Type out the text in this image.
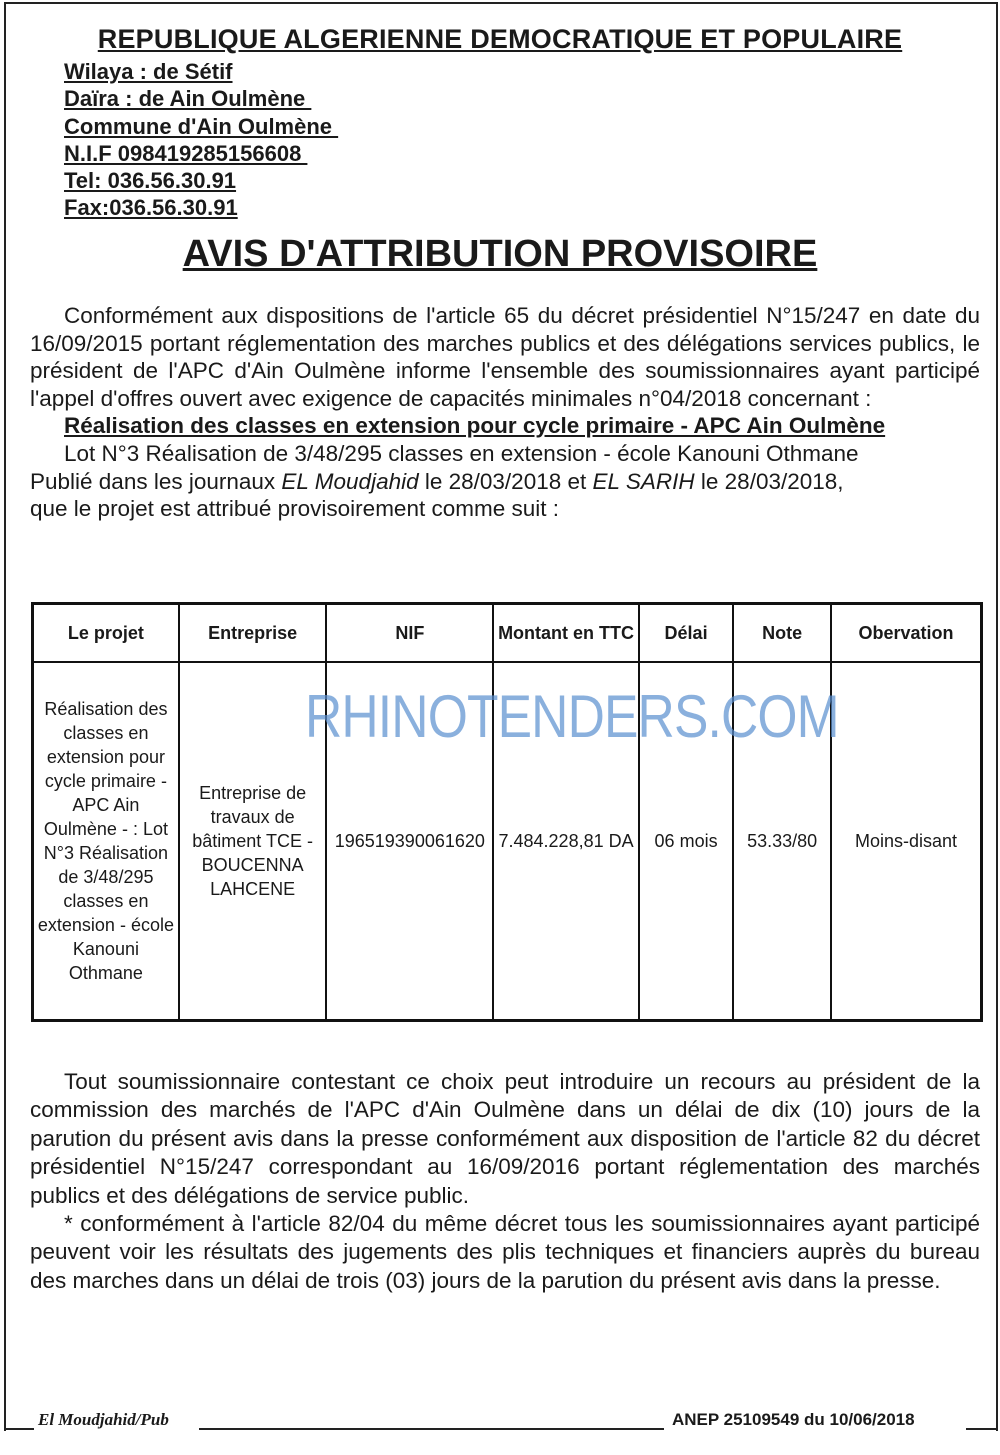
REPUBLIQUE ALGERIENNE DEMOCRATIQUE ET POPULAIRE
Wilaya : de Sétif
Daïra : de Ain Oulmène
Commune d'Ain Oulmène
N.I.F 098419285156608
Tel: 036.56.30.91
Fax:036.56.30.91
AVIS D'ATTRIBUTION PROVISOIRE

Conformément aux dispositions de l'article 65 du décret présidentiel N°15/247 en date du 16/09/2015 portant réglementation des marches publics et des délégations services publics, le président de l'APC d'Ain Oulmène informe l'ensemble des soumissionnaires ayant participé l'appel d'offres ouvert avec exigence de capacités minimales n°04/2018 concernant :

Réalisation des classes en extension pour cycle primaire - APC Ain Oulmène

Lot N°3 Réalisation de 3/48/295 classes en extension - école Kanouni Othmane

Publié dans les journaux EL Moudjahid le 28/03/2018 et EL SARIH le 28/03/2018,

que le projet est attribué provisoirement comme suit :

Le projet	Entreprise	NIF	Montant en TTC	Délai	Note	Obervation
Réalisation des classes en extension pour cycle primaire - APC Ain Oulmène - : Lot N°3 Réalisation de 3/48/295 classes en extension - école Kanouni Othmane	Entreprise de travaux de bâtiment TCE - BOUCENNA LAHCENE	196519390061620	7.484.228,81 DA	06 mois	53.33/80	Moins-disant
RHINOTENDERS.COM

Tout soumissionnaire contestant ce choix peut introduire un recours au président de la commission des marchés de l'APC d'Ain Oulmène dans un délai de dix (10) jours de la parution du présent avis dans la presse conformément aux disposition de l'article 82 du décret présidentiel N°15/247 correspondant au 16/09/2016 portant réglementation des marchés publics et des délégations de service public.

* conformément à l'article 82/04 du même décret tous les soumissionnaires ayant participé peuvent voir les résultats des jugements des plis techniques et financiers auprès du bureau des marches dans un délai de trois (03) jours de la parution du présent avis dans la presse.

El Moudjahid/Pub	ANEP 25109549 du 10/06/2018
